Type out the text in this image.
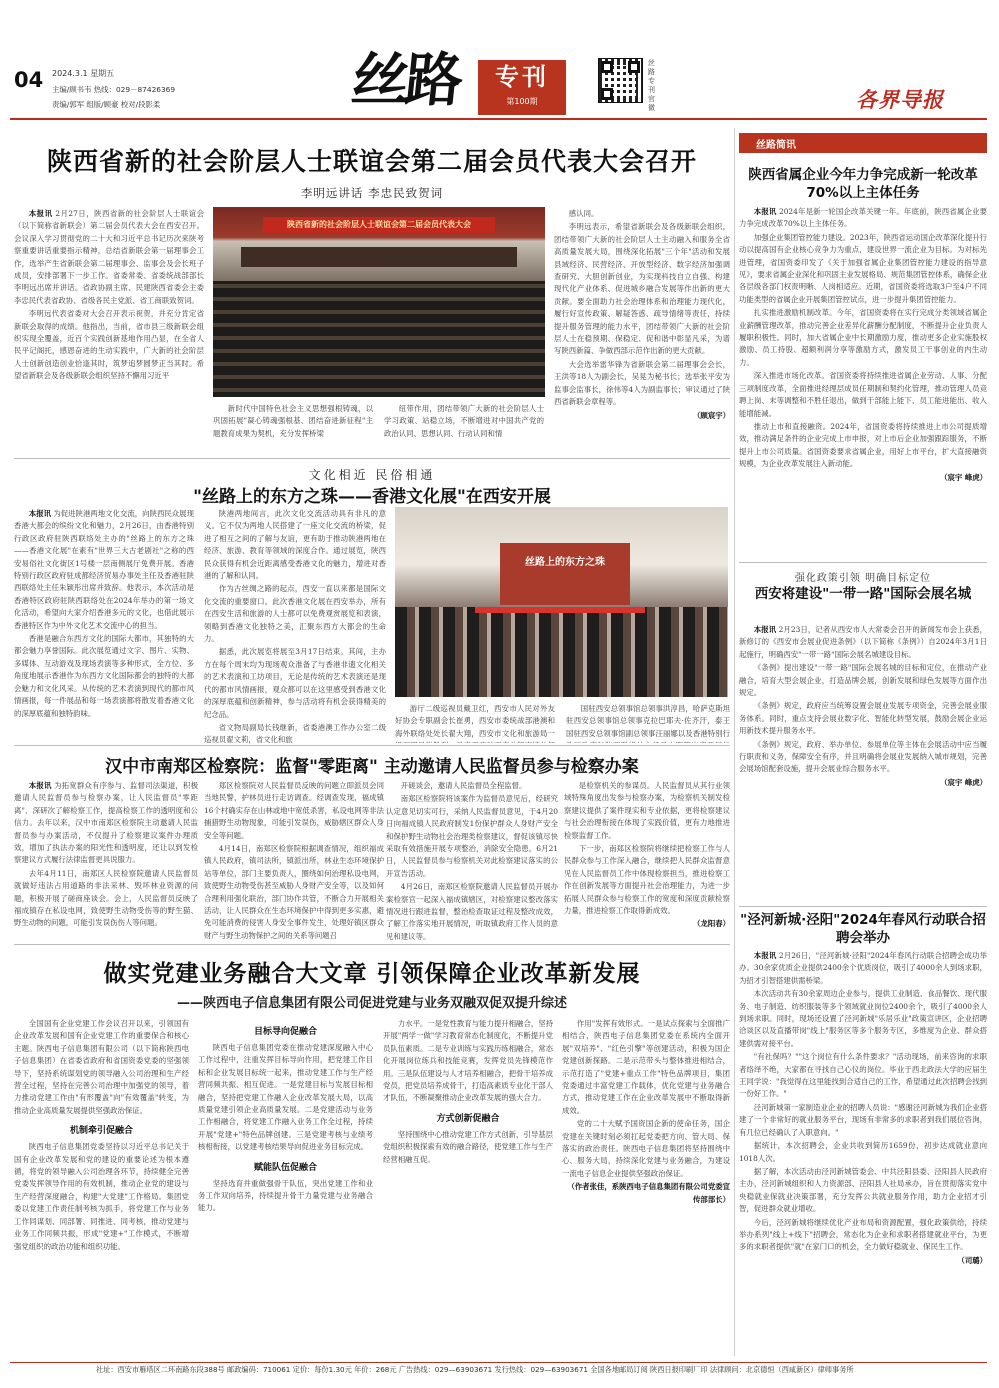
04 2024.3.1 星期五
主编/顾书韦 热线：029－87426369
责编/郭军 组版/顾豪 校对/段影柔	丝路	专刊
第100期
丝路专刊官微	各界导报
陕西省新的社会阶层人士联谊会第二届会员代表大会召开
李明远讲话 李忠民致贺词

本报讯 2月27日，陕西省新的社会阶层人士联谊会（以下简称省新联会）第二届会员代表大会在西安召开。会议深入学习贯彻党的二十大和习近平总书记历次来陕考察重要讲话重要指示精神，总结省新联会第一届理事会工作，选举产生省新联会第二届理事会、监事会及会长班子成员，安排部署下一步工作。省委常委、省委统战部部长李明远出席并讲话。省政协副主席、民建陕西省委会主委李忠民代表省政协、省级各民主党派、省工商联致贺词。

李明远代表省委对大会召开表示祝贺，并充分肯定省新联会取得的成绩。他指出，当前，省市县三级新联会组织实现全覆盖，近百个实践创新基地作用凸显，在全省人民平记阁托，感恩奋进的生动实践中，广大新的社会阶层人士创新创造创业恰逢其时，筑梦追梦圆梦正当其时。希望省新联会及各级新联会组织坚持不懈用习近平

陕西省新的社会阶层人士联谊会第二届会员代表大会

新时代中国特色社会主义思想强根铸魂，以巩固拓展"凝心铸魂强根基、团结奋进新征程"主题教育成果为契机，充分发挥桥梁

纽带作用，团结带领广大新的社会阶层人士学习政策、站稳立场，不断增进对中国共产党的政治认同、思想认同、行动认同和情

感认同。

李明远表示，希望省新联会及各级新联会组织，团结带领广大新的社会阶层人士主动融入和服务全省高质量发展大局，围绕深化拓展"三个年"活动和发展县域经济、民营经济、开放型经济、数字经济加强调查研究、大胆创新创业，为实现科技自立自强、构建现代化产业体系、促进城乡融合发展等作出新的更大贡献。要全面助力社会治理体系和治理能力现代化，履行好宣传政策、解疑答惑、疏导情绪等责任，持续提升服务管理的能力水平，团结带领广大新的社会阶层人士在稳预期、保稳定、促和谐中彰显凡采，为谱写陕西新篇、争做西部示范作出新的更大贡献。

大会选举雷华锋为省新联会第二届理事会会长，王洪等18人为副会长，吴晃为秘书长；选举张平安为监事会监事长，徐伟等4人为副监事长；审议通过了陕西省新联会章程等。

（顾宸宇）

文化相近 民俗相通
"丝路上的东方之珠——香港文化展"在西安开展

本报讯 为促进陕港两地文化交流，向陕西民众展现香港大都会的缤纷文化和魅力，2月26日，由香港特别行政区政府驻陕西联络处主办的"丝路上的东方之珠——香港文化展"在素有"世界三大古老剧社"之称的西安易俗社文化街区1号楼一层南侧展厅免费开展。香港特别行政区政府驻成都经济贸易办事处主任及香港驻陕西联络处主任朱颖彤出席并致辞。他表示，本次活动是香港特区政府驻陕西联络处在2024年举办的第一场文化活动，希望向大家介绍香港多元的文化，也借此展示香港特区作为中外文化艺术交流中心的担当。

香港是融合东西方文化的国际大都市，其独特的大都会魅力享誉国际。此次展览通过文字、图片、实物、多媒体、互动游戏及现场表演等多种形式，全方位、多角度地展示香港作为东西方文化国际都会的独特的大都会魅力和文化风采。从传统的艺术表演到现代的都市风情画报，每一件展品和每一场表演都将散发着香港文化的深厚底蕴和独特韵味。

陕港两地间言，此次文化交流活动具有非凡的意义。它不仅为两地人民搭建了一座文化交流的桥梁，促进了相互之间的了解与友谊，更有助于推动陕港两地在经济、旅游、教育等领域的深度合作。通过展览，陕西民众获得有机会近距离感受香港文化的魅力，增进对香港的了解和认同。

作为古丝绸之路的起点，西安一直以来都是国际文化交流的重要窗口。此次香港文化展在西安举办，所有在西安生活和旅游的人士都可以免费观赏展览和表演，领略到香港文化独特之美，汇聚东西方大都会的生命力。

据悉，此次展览将展至3月17日结束。其间，主办方在每个周末均为现场观众准备了与香港非遗文化相关的艺术表演和工坊项目，无论是传统的艺术表演还是现代的都市风情画报，观众都可以在这里感受到香港文化的深厚底蕴和创新精神，参与活动将有机会获得精美的纪念品。

省文物局副局长钱继新，省委港澳工作办公室二级巡视员翟文莉，省文化和旅

丝路上的东方之珠

游厅二级巡视员戴卫红，西安市人民对外友好协会专职副会长崔勇，西安市委统战部港澳和海外联络处处长翟大翔，西安市文化和旅游局一

国驻西安总领事馆总领事洪淳昌，哈萨克斯坦驻西安总领事馆总领事克拉巴耶夫·佐齐汗，泰王国驻西安总领事馆副总领事汪丽娜以及香港特别行

汉中市南郑区检察院：监督"零距离" 主动邀请人民监督员参与检察办案

本报讯 为拓宽群众有序参与、监督司法渠道，积极邀请人民监督员参与检察办案，让人民监督员"零距离"、深研次了解检察工作，提高检察工作的透明度和公信力。去年以来，汉中市南郑区检察院主动邀请人民监督员参与办案活动，不仅提升了检察建议案件办理质效，增加了执法办案的阳光性和透明度，还让以到发检察建议方式履行法律监督更具说服力。

去年4月11日，南郑区人民检察院邀请人民监督员就做好违法占用道路的非法采林、毁坏林业资源的问题，积极开展了磋商座谈会。会上，人民监督员反映了福成镇存在私设电网，致使野生动物受伤等的野生猫、野生动物的问题，可能引发误伤伤人等问题。

郑区检察院对人民监督员反映的问题立即派员会同当地民警，护林员进行走访调查。经调查发现，福成镇16个村确实存在山林或地中宽低杀害，私设电网等非法捕猎野生动物现象，可能引发误伤，威胁辖区群众人身安全等问题。

4月14日，南郑区检察院根据调查情况，组织福成镇人民政府，镇司法所，镇派出所，林业生态环境保护站等单位，部门主要负责人，圈绕如何治理私设电网，致使野生动物受伤甚至威胁人身财产安全等，以及如何合理利用强化联治，部门协作共管，不断合力开展相关活动，让人民群众在生态环境保护中得到更多实惠，避免可能消费的侵害人身安全事件发生，处理好镇区群众财产与野生动物保护之间的关系等问题召

开磋谈会，邀请人民监督员全程监督。

南郑区检察院将该案作为监督员意见后，经研究认定意见切实可行，采纳人民监督员意见，于4月20日向福成镇人民政府制发1份保护群众人身财产安全和保护野生动物社会治理类检察建议，督促该镇尽快采取有效措施开展专项整治，消除安全隐患。6月21日，人民监督员参与检察机关对此检察建议落实的公开宣告活动。

4月26日，南郑区检察院邀请人民监督员开展办案检察官一起深入福成镇辖区，对检察建议整改落实情况进行跟进监督，整治检查取证过程及整改成效，了解工作落实地开展情况，听取镇政府工作人员的意见和建议等。

是检察机关的参谋员。人民监督员从其行业领域特殊角度出发参与检察办案，为检察机关制发检察建议提供了案件现实和专业依据，更将检察建议与社会治理衔接在体现了实践价值，更有力地推进检察监督工作。

下一步，南郑区检察院将继续把检察工作与人民群众参与工作深入融合，继续把人民群众监督意见在人民监督员工作中体现检察担当，推进检察工作在创新发展等方面提升社会治理能力，为进一步拓展人民群众参与检察工作的宽度和深度贡献检察力量，推进检察工作取得新成效。

（龙阳春）

做实党建业务融合大文章 引领保障企业改革新发展
——陕西电子信息集团有限公司促进党建与业务双融双促双提升综述

全国国有企业党建工作会议召开以来，引领国有企业改革发展和国有企业党建工作的重要保合和核心主题。陕西电子信息集团有限公司（以下简称陕西电子信息集团）在省委省政府和省国资委党委的坚强领导下，坚持系统谋划党的领导融入公司治理和生产经营全过程，坚持在完善公司治理中加强党的领导，着力推动党建工作由"有形覆盖"向"有效覆盖"转变，为推动企业高质量发展提供坚强政治保证。

机制牵引促融合

陕西电子信息集团党委坚持以习近平总书记关于国有企业改革发展和党的建设的重要论述为根本遵循，将党的领导融入公司治理各环节，持续健全完善党委发挥领导作用的有效机制，推动企业党的建设与生产经营深度融合，构建"大党建"工作格局。集团党委以党建工作责任制考核为抓手，将党建工作与业务工作同谋划、同部署、同推进、同考核，推动党建与业务工作同频共振，形成"党建+"工作模式，不断增强党组织的政治功能和组织功能。

目标导向促融合

陕西电子信息集团党委在推动党建深度融入中心工作过程中，注重发挥目标导向作用，把党建工作目标和企业发展目标统一起来，推动党建工作与生产经营同频共振、相互促进。一是党建目标与发展目标相融合，坚持把党建工作融入企业改革发展大局，以高质量党建引领企业高质量发展。二是党建活动与业务工作相融合，将党建工作融入业务工作全过程，持续开展"党建+"特色品牌创建。三是党建考核与业绩考核相衔接，以党建考核结果导向促进业务目标完成。

赋能队伍促融合

坚持选育并重做强骨干队伍，突出党建工作和业务工作双向培养，持续提升骨干力量党建与业务融合能力。

力水平。一是党性教育与能力提升相融合，坚持开展"两学一做"学习教育常态化制度化，不断提升党员队伍素质。二是专业训练与实践历练相融合，常态化开展岗位练兵和技能竞赛，发挥党员先锋模范作用。三是队伍建设与人才培养相融合，把骨干培养成党员，把党员培养成骨干，打造高素质专业化干部人才队伍，不断凝聚推动企业改革发展的强大合力。

方式创新促融合

坚持围绕中心推动党建工作方式创新，引导基层党组织积极探索有效的融合路径，使党建工作与生产经营相融互促。

作用"发挥有效形式。一是试点探索与全面推广相结合，陕西电子信息集团党委在系统内全面开展"双培养"、"红色引擎"等创建活动，积极为国企党建创新探路。二是示范带头与整体推进相结合，示范打造了"党建+重点工作"特色品牌项目，集团党委通过丰富党建工作载体，优化党建与业务融合方式，推动党建工作在企业改革发展中不断取得新成效。

党的二十大赋予国资国企新的使命任务，国企党建在关键时刻必须扛起党委把方向、管大局、保落实的政治责任。陕西电子信息集团将坚持围绕中心、服务大局，持续深化党建与业务融合，为建设一流电子信息企业提供坚强政治保证。

（作者张佳，系陕西电子信息集团有限公司党委宣传部部长）

丝路简讯
陕西省属企业今年力争完成新一轮改革70%以上主体任务

本报讯 2024年是新一轮国企改革关键一年。年底前，陕西省属企业要力争完成改革70%以上主体任务。

加强企业集团管控能力建设。2023年，陕西省运动国企改革深化提升行动以提高国有企业核心竞争力为重点，建设世界一流企业为目标。为对标先进管理，省国资委印发了《关于加强省属企业集团管控能力建设的指导意见》，要求省属企业深化和巩固主业发展格局、规范集团管控体系，确保企业各层级各部门权责明晰、人岗相适应。近期，省国资委将选取3户至4户不同功能类型的省属企业开展集团管控试点，进一步提升集团管控能力。

扎实推进激励机制改革。今年，省国资委将在实行完成分类领域省属企业薪酬管理改革，推动完善企业差异化薪酬分配制度，不断提升企业负责人履职积极性。同时，加大省属企业中长期激励力度，推动更多企业实施股权激励、员工持股、超额利润分享等激励方式，激发员工干事创业的内生动力。

深入推进市场化改革。省国资委将持续推进省属企业劳动、人事、分配三项制度改革，全面推进经理层成员任期制和契约化管理，推动管理人员竞聘上岗、末等调整和不胜任退出，做到干部能上能下、员工能进能出、收入能增能减。

推动上市和直接融资。2024年，省国资委将持续推进上市公司提质增效，推动满足条件的企业完成上市申报，对上市后企业加强跟踪服务，不断提升上市公司质量。省国资委要求省属企业，用好上市平台，扩大直接融资规模，为企业改革发展注入新动能。

（宸宇 峰虎）

强化政策引领 明确目标定位
西安将建设"一带一路"国际会展名城

本报讯 2月23日，记者从西安市人大常委会召开的新闻发布会上获悉，新修订的《西安市会展业促进条例》（以下简称《条例》）自2024年3月1日起施行，明确西安"一带一路"国际会展名城建设目标。

《条例》提出建设"一带一路"国际会展名城的目标和定位，在推动产业融合，培育大型会展企业，打造品牌会展，创新发展和绿色发展等方面作出规定。

《条例》规定，政府应当统筹设置会展业发展专项资金，完善会展业服务体系。同时，重点支持会展业数字化、智能化转型发展，鼓励会展企业运用新技术提升服务水平。

《条例》规定，政府、举办单位、参展单位等主体在会展活动中应当履行职责和义务，保障安全有序，并且明确将会展业发展纳入城市规划，完善会展场馆配套设施，提升会展业综合服务水平。

（宸宇 峰虎）

"泾河新城·泾阳"2024年春风行动联合招聘会举办

本报讯 2月26日，"泾河新城·泾阳"2024年春风行动联合招聘会成功举办。30余家优质企业提供2400余个优质岗位，吸引了4000余人到场求职，为招才引智搭建供需桥梁。

本次活动共有30余家周边企业参与，提供工业制造、食品餐饮、现代服务、电子制造、纺织服装等多个领域就业岗位2400余个，吸引了4000余人到场求职。同时，现场还设置了泾河新城"乐居乐业"政策宣讲区，企业招聘洽谈区以及直播带岗"线上"服务区等多个服务专区，多维度为企业、群众搭建供需对接平台。

"有社保吗？""这个岗位有什么条件要求？"活动现场，前来咨询的求职者络绎不绝，大家都在寻找自己心仪的岗位。毕业于西北政法大学的应届生王同学说："我觉得在这里能找到合适自己的工作，希望通过此次招聘会找到一份好工作。"

泾河新城第一家制造业企业的招聘人员说："感谢泾河新城为我们企业搭建了一个非常好的就业服务平台，现场有非常多的求职者到我们展位咨询，有几位已经确认了入职意向。"

据统计，本次招聘会，企业共收到简历1659份，初步达成就业意向1018人次。

据了解，本次活动由泾河新城管委会、中共泾阳县委、泾阳县人民政府主办，泾河新城组织和人力资源部、泾阳县人社局承办，旨在贯彻落实党中央稳就业保就业决策部署，充分发挥公共就业服务作用，助力企业招才引智，促进群众就业增收。

今后，泾河新城将继续优化产业布局和资源配置，强化政策供给，持续举办系列"线上+线下"招聘会，常态化为企业和求职者搭建就业平台，为更多的求职者提供"就"在家门口的机会，全力做好稳就业、保民生工作。

（司璐）

社址：西安市雁塔区二环南路东段388号 邮政编码：710061 定价：每份1.30元 年价：268元 广告热线：029—63903671 发行热线：029—63903671 全国各地邮局订阅 陕西日报印刷厂印 法律顾问：北京德恒（西咸新区）律师事务所
